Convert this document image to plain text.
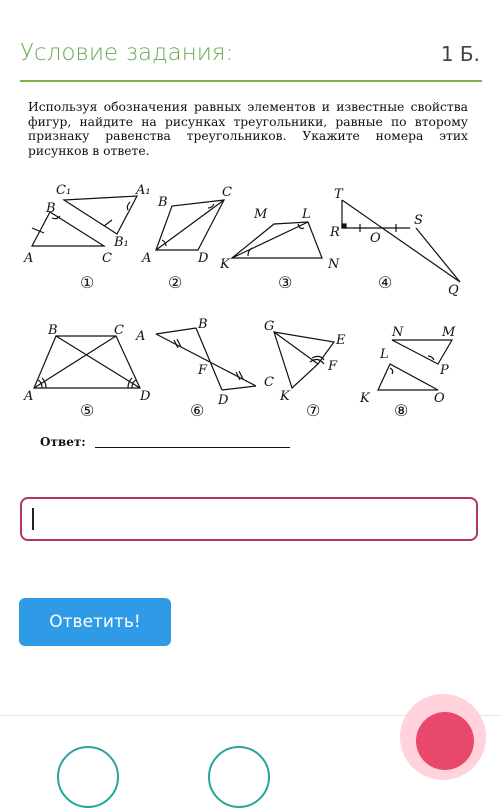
Условие задания:	1 Б.
Используя обозначения равных элементов и известные свойства фигур, найдите на рисунках треугольники, равные по второму признаку равенства треугольников. Укажите номера этих рисунков в ответе.
C₁	A₁
B
B₁
A	C
①
B
C
A	D
②
M	L
K	N
③
T
S
R O
Q
④
B	C
A	D
⑤
A
B
F
C
D
⑥
G
E
F
K
⑦
N	M
L
P
K	O
⑧
Ответ:
Ответить!
